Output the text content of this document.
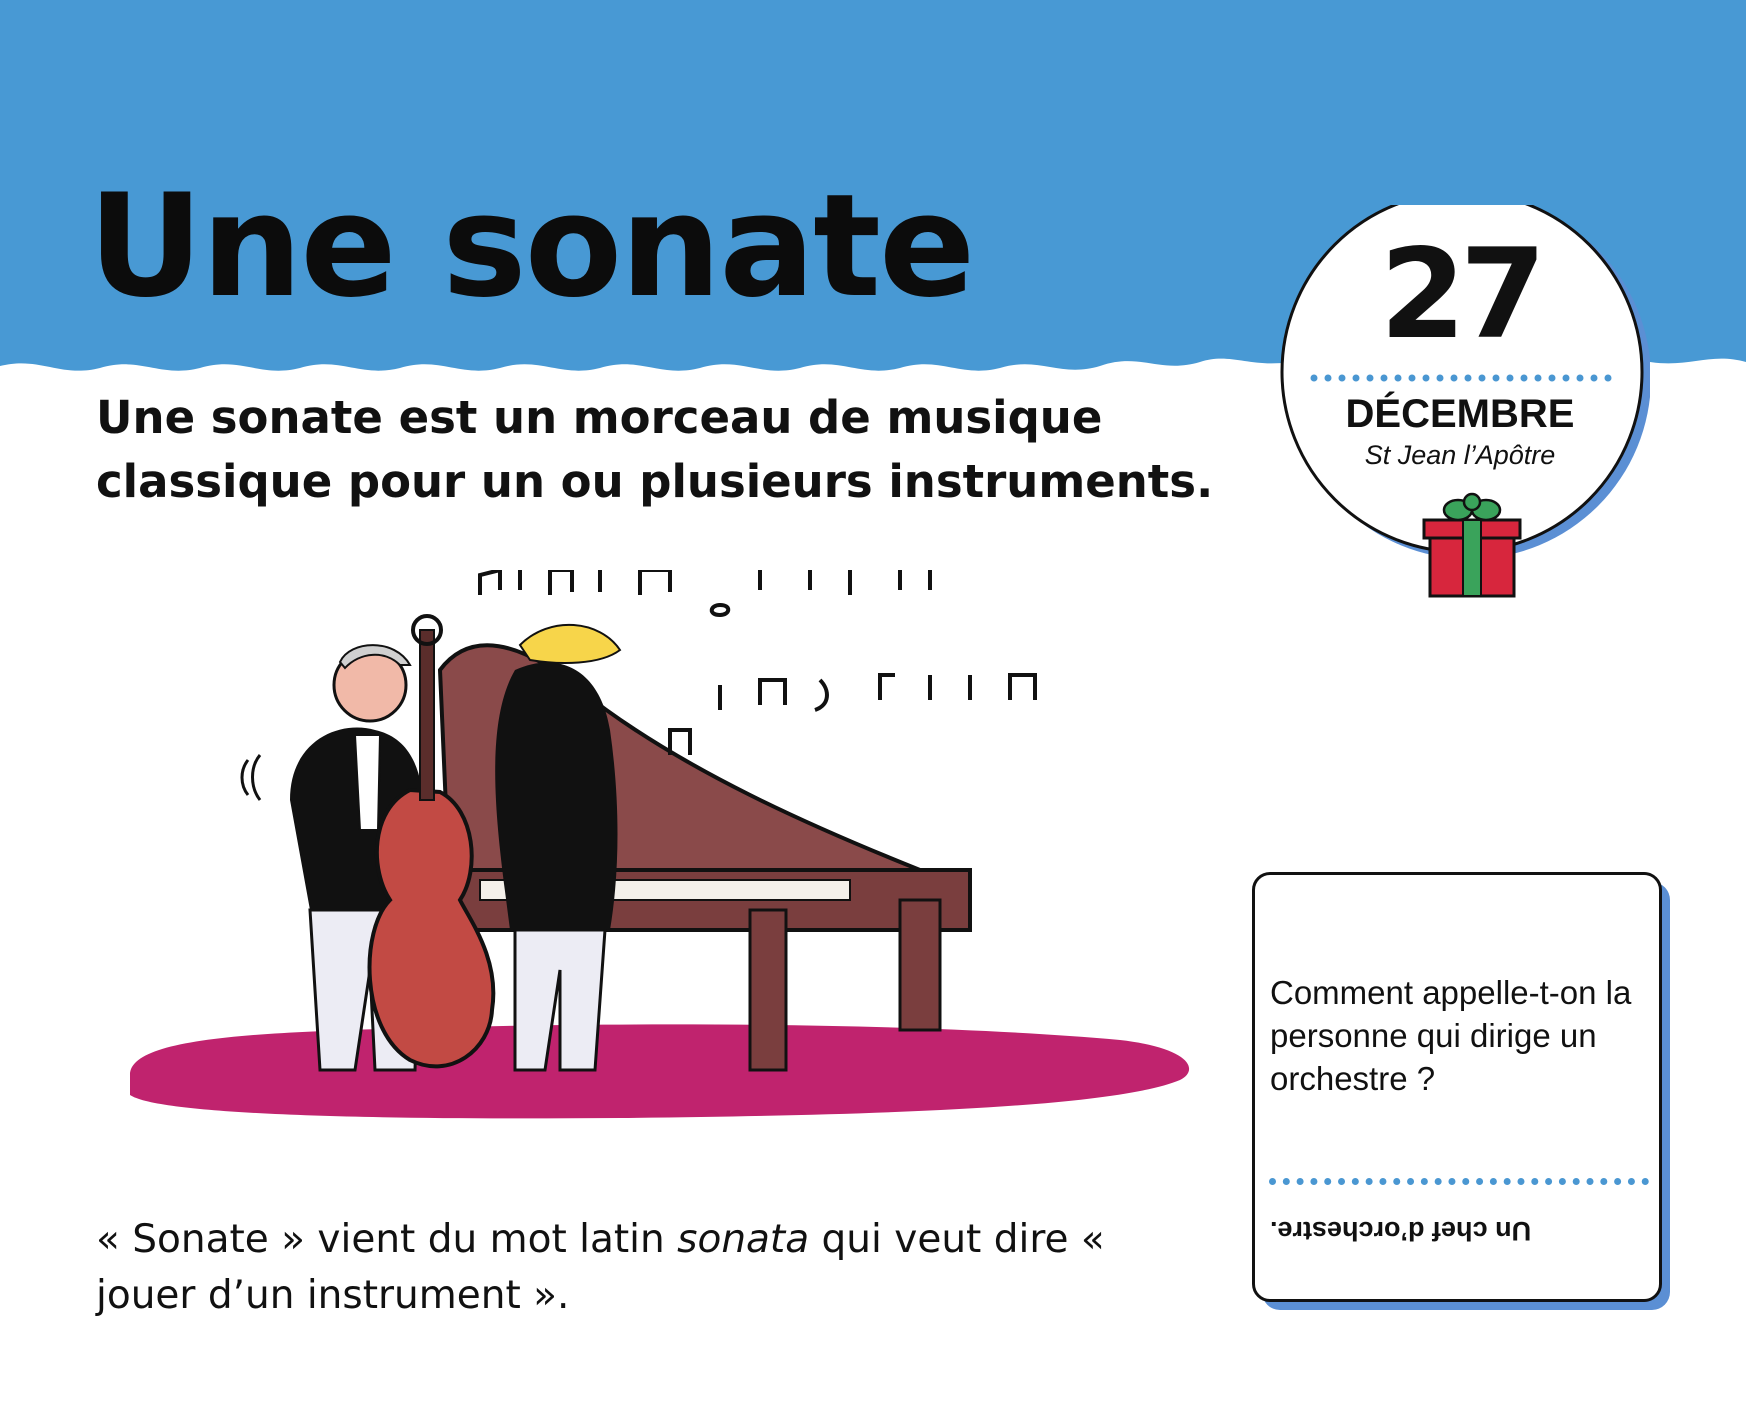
Une sonate

Une sonate est un morceau de musique classique pour un ou plusieurs instruments.

27
DÉCEMBRE
St Jean l’Apôtre

Comment appelle-t-on la personne qui dirige un orchestre ?

Un chef d’orchestre.

« Sonate » vient du mot latin sonata qui veut dire « jouer d’un instrument ».
